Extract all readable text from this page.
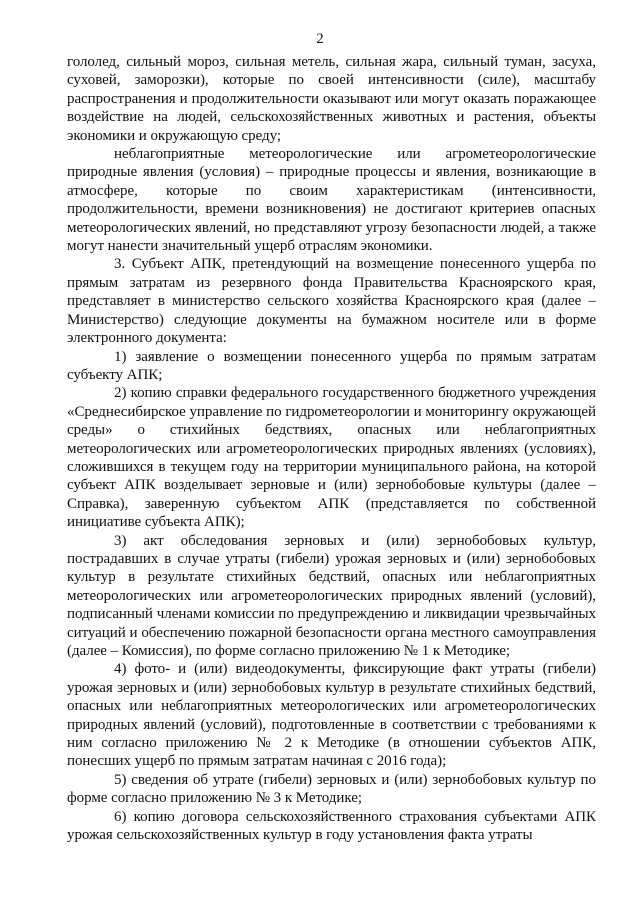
2

гололед, сильный мороз, сильная метель, сильная жара, сильный туман, засуха, суховей, заморозки), которые по своей интенсивности (силе), масштабу распространения и продолжительности оказывают или могут оказать поражающее воздействие на людей, сельскохозяйственных животных и растения, объекты экономики и окружающую среду;

неблагоприятные метеорологические или агрометеорологические природные явления (условия) – природные процессы и явления, возникающие в атмосфере, которые по своим характеристикам (интенсивности, продолжительности, времени возникновения) не достигают критериев опасных метеорологических явлений, но представляют угрозу безопасности людей, а также могут нанести значительный ущерб отраслям экономики.

3. Субъект АПК, претендующий на возмещение понесенного ущерба по прямым затратам из резервного фонда Правительства Красноярского края, представляет в министерство сельского хозяйства Красноярского края (далее – Министерство) следующие документы на бумажном носителе или в форме электронного документа:

1) заявление о возмещении понесенного ущерба по прямым затратам субъекту АПК;

2) копию справки федерального государственного бюджетного учреждения «Среднесибирское управление по гидрометеорологии и мониторингу окружающей среды» о стихийных бедствиях, опасных или неблагоприятных метеорологических или агрометеорологических природных явлениях (условиях), сложившихся в текущем году на территории муниципального района, на которой субъект АПК возделывает зерновые и (или) зернобобовые культуры (далее – Справка), заверенную субъектом АПК (представляется по собственной инициативе субъекта АПК);

3) акт обследования зерновых и (или) зернобобовых культур, пострадавших в случае утраты (гибели) урожая зерновых и (или) зернобобовых культур в результате стихийных бедствий, опасных или неблагоприятных метеорологических или агрометеорологических природных явлений (условий), подписанный членами комиссии по предупреждению и ликвидации чрезвычайных ситуаций и обеспечению пожарной безопасности органа местного самоуправления (далее – Комиссия), по форме согласно приложению № 1 к Методике;

4) фото- и (или) видеодокументы, фиксирующие факт утраты (гибели) урожая зерновых и (или) зернобобовых культур в результате стихийных бедствий, опасных или неблагоприятных метеорологических или агрометеорологических природных явлений (условий), подготовленные в соответствии с требованиями к ним согласно приложению № 2 к Методике (в отношении субъектов АПК, понесших ущерб по прямым затратам начиная с 2016 года);

5) сведения об утрате (гибели) зерновых и (или) зернобобовых культур по форме согласно приложению № 3 к Методике;

6) копию договора сельскохозяйственного страхования субъектами АПК урожая сельскохозяйственных культур в году установления факта утраты
